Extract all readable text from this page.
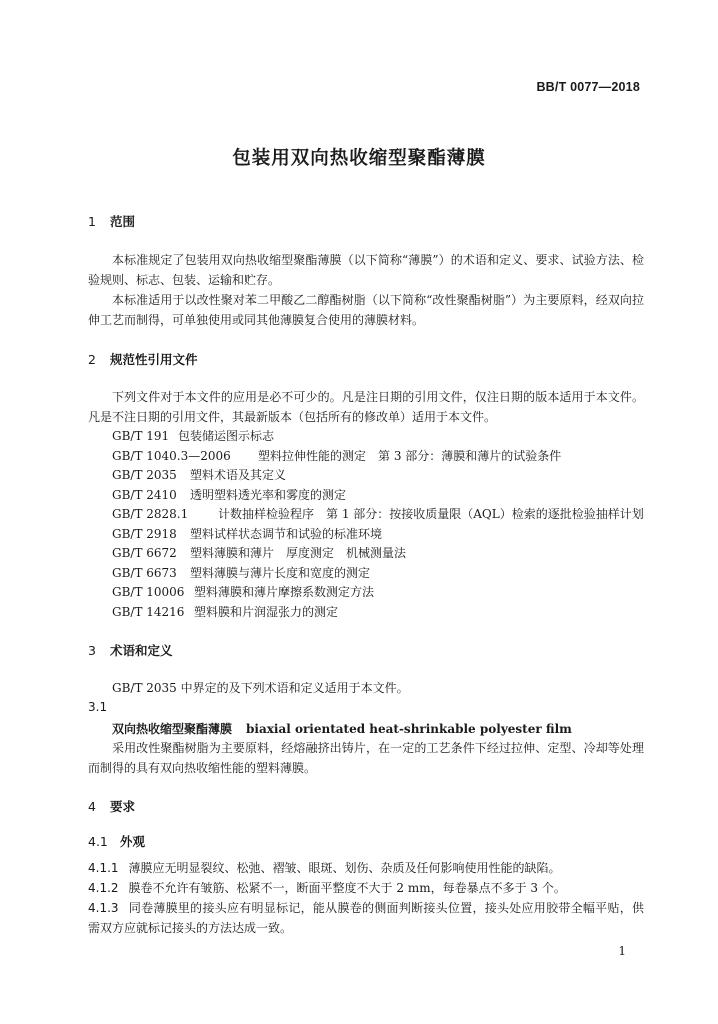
BB/T 0077—2018
包装用双向热收缩型聚酯薄膜
1 范围
本标准规定了包装用双向热收缩型聚酯薄膜（以下简称“薄膜”）的术语和定义、要求、试验方法、检验规则、标志、包装、运输和贮存。
本标准适用于以改性聚对苯二甲酸乙二醇酯树脂（以下简称“改性聚酯树脂”）为主要原料，经双向拉伸工艺而制得，可单独使用或同其他薄膜复合使用的薄膜材料。
2 规范性引用文件
下列文件对于本文件的应用是必不可少的。凡是注日期的引用文件，仅注日期的版本适用于本文件。凡是不注日期的引用文件，其最新版本（包括所有的修改单）适用于本文件。
GB/T 191 包装储运图示标志
GB/T 1040.3—2006 塑料拉伸性能的测定　第 3 部分：薄膜和薄片的试验条件
GB/T 2035 塑料术语及其定义
GB/T 2410 透明塑料透光率和雾度的测定
GB/T 2828.1 计数抽样检验程序　第 1 部分：按接收质量限（AQL）检索的逐批检验抽样计划
GB/T 2918 塑料试样状态调节和试验的标准环境
GB/T 6672 塑料薄膜和薄片　厚度测定　机械测量法
GB/T 6673 塑料薄膜与薄片长度和宽度的测定
GB/T 10006 塑料薄膜和薄片摩擦系数测定方法
GB/T 14216 塑料膜和片润湿张力的测定
3 术语和定义
GB/T 2035 中界定的及下列术语和定义适用于本文件。
3.1
双向热收缩型聚酯薄膜 biaxial orientated heat-shrinkable polyester film
采用改性聚酯树脂为主要原料，经熔融挤出铸片，在一定的工艺条件下经过拉伸、定型、冷却等处理而制得的具有双向热收缩性能的塑料薄膜。
4 要求
4.1 外观
4.1.1 薄膜应无明显裂纹、松弛、褶皱、眼斑、划伤、杂质及任何影响使用性能的缺陷。
4.1.2 膜卷不允许有皱筋、松紧不一，断面平整度不大于 2 mm，每卷暴点不多于 3 个。
4.1.3 同卷薄膜里的接头应有明显标记，能从膜卷的侧面判断接头位置，接头处应用胶带全幅平贴，供需双方应就标记接头的方法达成一致。
1
